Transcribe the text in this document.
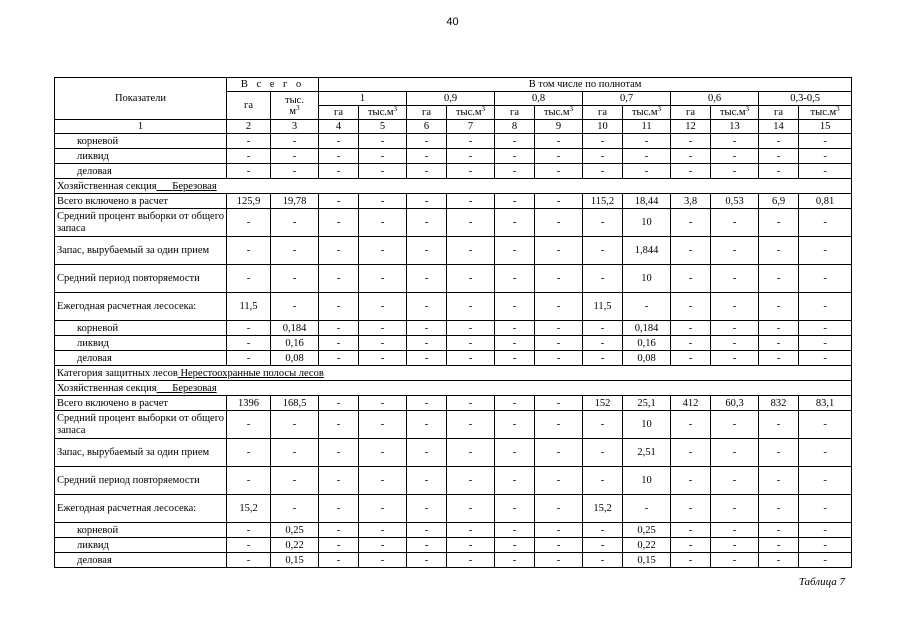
40
Показатели	В с е г о		В том числе по полнотам											
	га	тыс.
$м^3$	1		0,9		0,8		0,7		0,6		0,3-0,5	
			га	$тыс.м^3$	га	$тыс.м^3$	га	$тыс.м^3$	га	$тыс.м^3$	га	$тыс.м^3$	га	$тыс.м^3$
1	2	3	4	5	6	7	8	9	10	11	12	13	14	15
корневой	-	-	-	-	-	-	-	-	-	-	-	-	-	-
ликвид	-	-	-	-	-	-	-	-	-	-	-	-	-	-
деловая	-	-	-	-	-	-	-	-	-	-	-	-	-	-
Хозяйственная секция Березовая														
Всего включено в расчет	125,9	19,78	-	-	-	-	-	-	115,2	18,44	3,8	0,53	6,9	0,81
Средний процент выборки от общего запаса	-	-	-	-	-	-	-	-	-	10	-	-	-	-
Запас, вырубаемый за один прием	-	-	-	-	-	-	-	-	-	1,844	-	-	-	-
Средний период повторяемости	-	-	-	-	-	-	-	-	-	10	-	-	-	-
Ежегодная расчетная лесосека:	11,5	-	-	-	-	-	-	-	11,5	-	-	-	-	-
корневой	-	0,184	-	-	-	-	-	-	-	0,184	-	-	-	-
ликвид	-	0,16	-	-	-	-	-	-	-	0,16	-	-	-	-
деловая	-	0,08	-	-	-	-	-	-	-	0,08	-	-	-	-
Категория защитных лесов Нерестоохранные полосы лесов														
Хозяйственная секция Березовая														
Всего включено в расчет	1396	168,5	-	-	-	-	-	-	152	25,1	412	60,3	832	83,1
Средний процент выборки от общего запаса	-	-	-	-	-	-	-	-	-	10	-	-	-	-
Запас, вырубаемый за один прием	-	-	-	-	-	-	-	-	-	2,51	-	-	-	-
Средний период повторяемости	-	-	-	-	-	-	-	-	-	10	-	-	-	-
Ежегодная расчетная лесосека:	15,2	-	-	-	-	-	-	-	15,2	-	-	-	-	-
корневой	-	0,25	-	-	-	-	-	-	-	0,25	-	-	-	-
ликвид	-	0,22	-	-	-	-	-	-	-	0,22	-	-	-	-
деловая	-	0,15	-	-	-	-	-	-	-	0,15	-	-	-	-
Таблица 7
